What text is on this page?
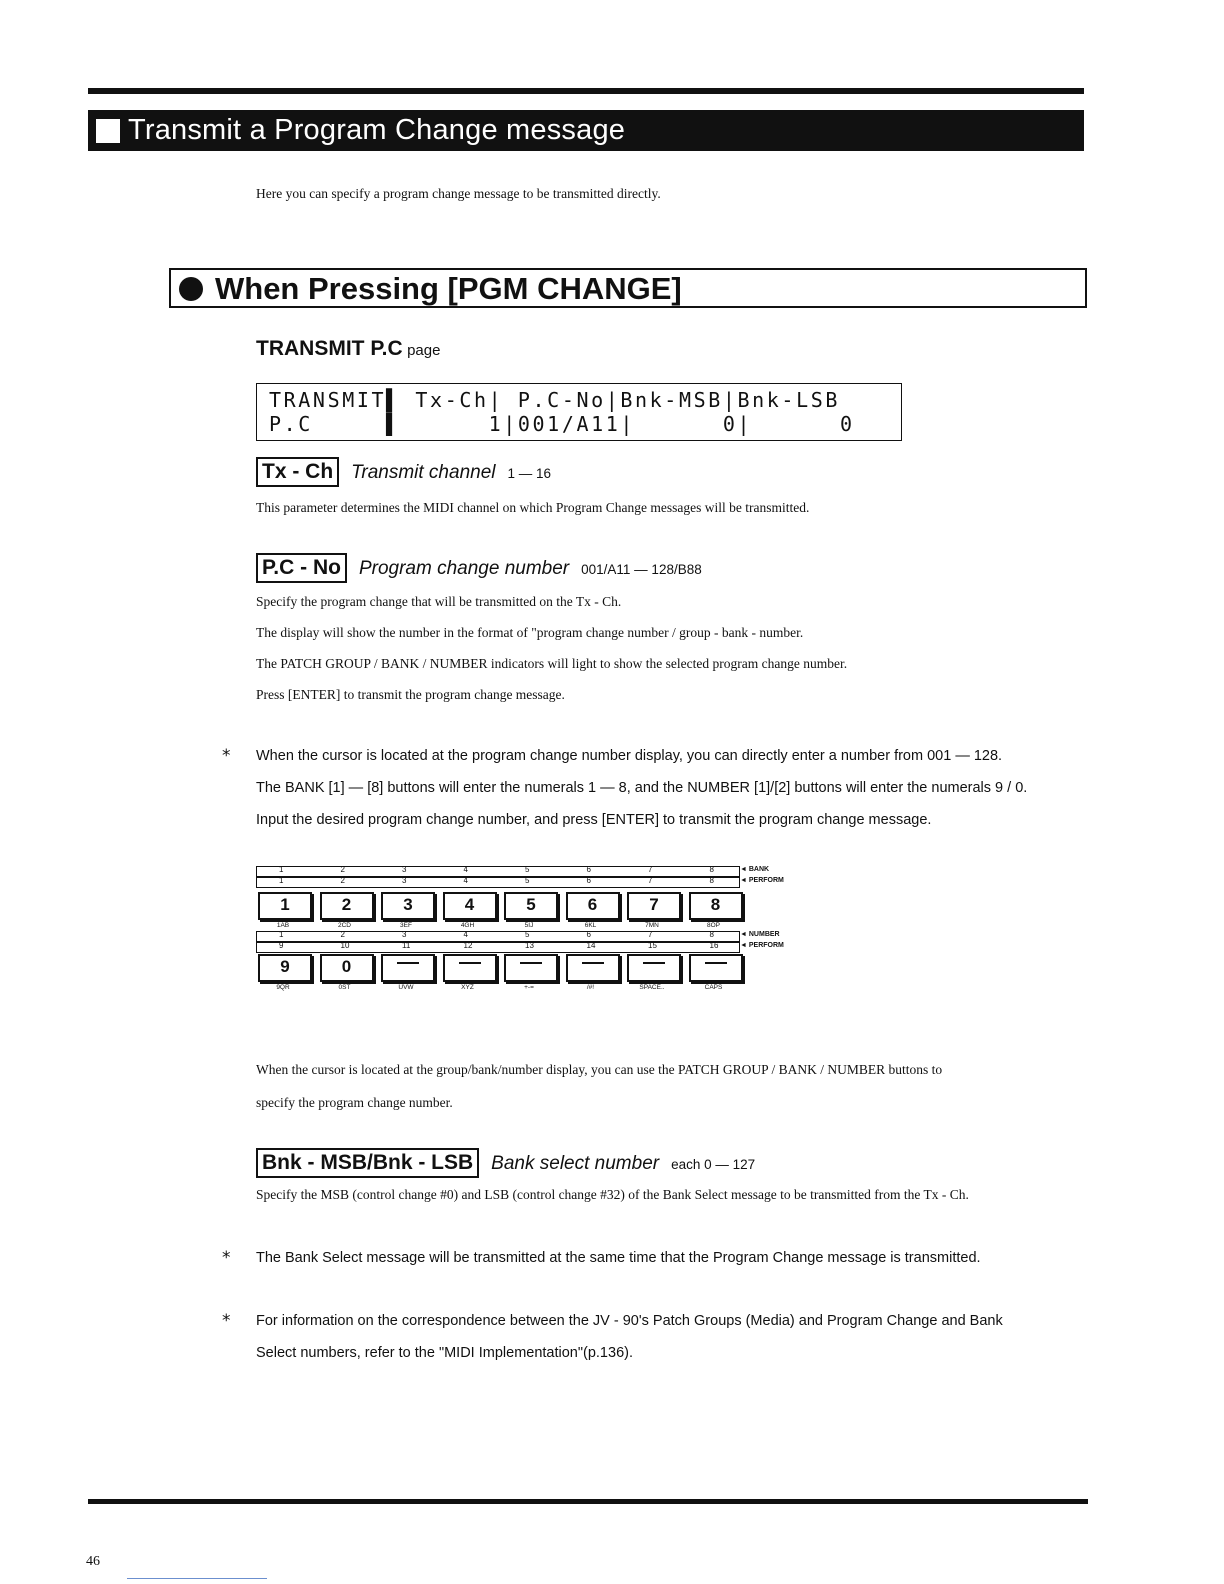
Transmit a Program Change message
Here you can specify a program change message to be transmitted directly.
When Pressing [PGM CHANGE]
TRANSMIT P.C page
TRANSMIT▌ Tx-Ch| P.C-No|Bnk-MSB|Bnk-LSB
P.C     ▌      1|001/A11|      0|      0
Tx - Ch Transmit channel 1 — 16
This parameter determines the MIDI channel on which Program Change messages will be transmitted.
P.C - No Program change number 001/A11 — 128/B88
Specify the program change that will be transmitted on the Tx - Ch.
The display will show the number in the format of "program change number / group - bank - number.
The PATCH GROUP / BANK / NUMBER indicators will light to show the selected program change number.
Press [ENTER] to transmit the program change message.
* When the cursor is located at the program change number display, you can directly enter a number from 001 — 128.
The BANK [1] — [8] buttons will enter the numerals 1 — 8, and the NUMBER [1]/[2] buttons will enter the numerals 9 / 0.
Input the desired program change number, and press [ENTER] to transmit the program change message.
1	2	3	4	5	6	7	8	◄ BANK
1	2	3	4	5	6	7	8	◄ PERFORM
1	2	3	4	5	6	7	8
1AB	2CD	3EF	4GH	5IJ	6KL	7MN	8OP
1	2	3	4	5	6	7	8	◄ NUMBER
9	10	11	12	13	14	15	16	◄ PERFORM
9	0
9QR	0ST	UVW	XYZ	+-=	/#!	SPACE..	CAPS
When the cursor is located at the group/bank/number display, you can use the PATCH GROUP / BANK / NUMBER buttons to
specify the program change number.
Bnk - MSB/Bnk - LSB Bank select number each 0 — 127
Specify the MSB (control change #0) and LSB (control change #32) of the Bank Select message to be transmitted from the Tx - Ch.
* The Bank Select message will be transmitted at the same time that the Program Change message is transmitted.
* For information on the correspondence between the JV - 90's Patch Groups (Media) and Program Change and Bank
Select numbers, refer to the "MIDI Implementation"(p.136).
46
